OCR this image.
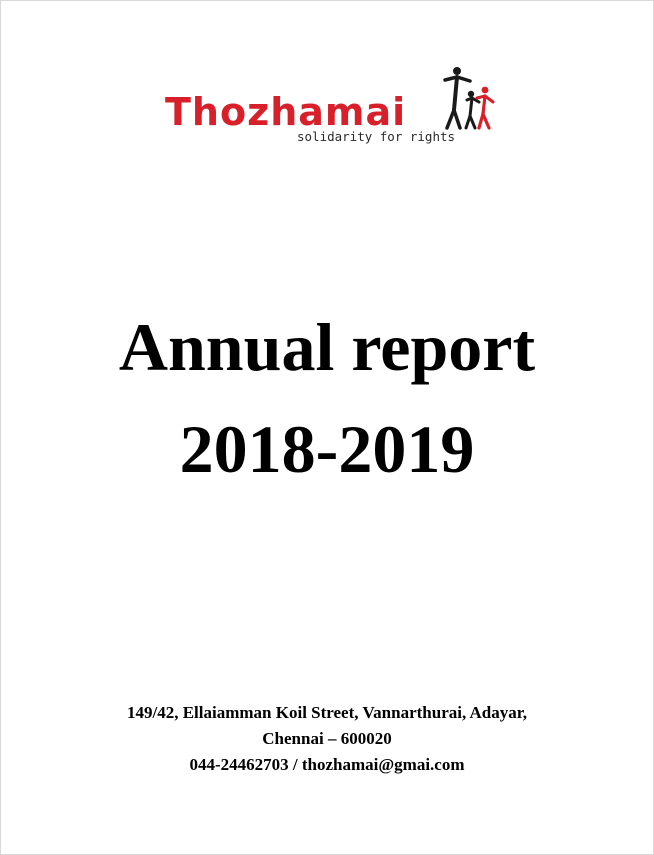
Thozhamai
solidarity for rights
Annual report
2018-2019
149/42, Ellaiamman Koil Street, Vannarthurai, Adayar,
Chennai – 600020
044-24462703 / thozhamai@gmai.com
